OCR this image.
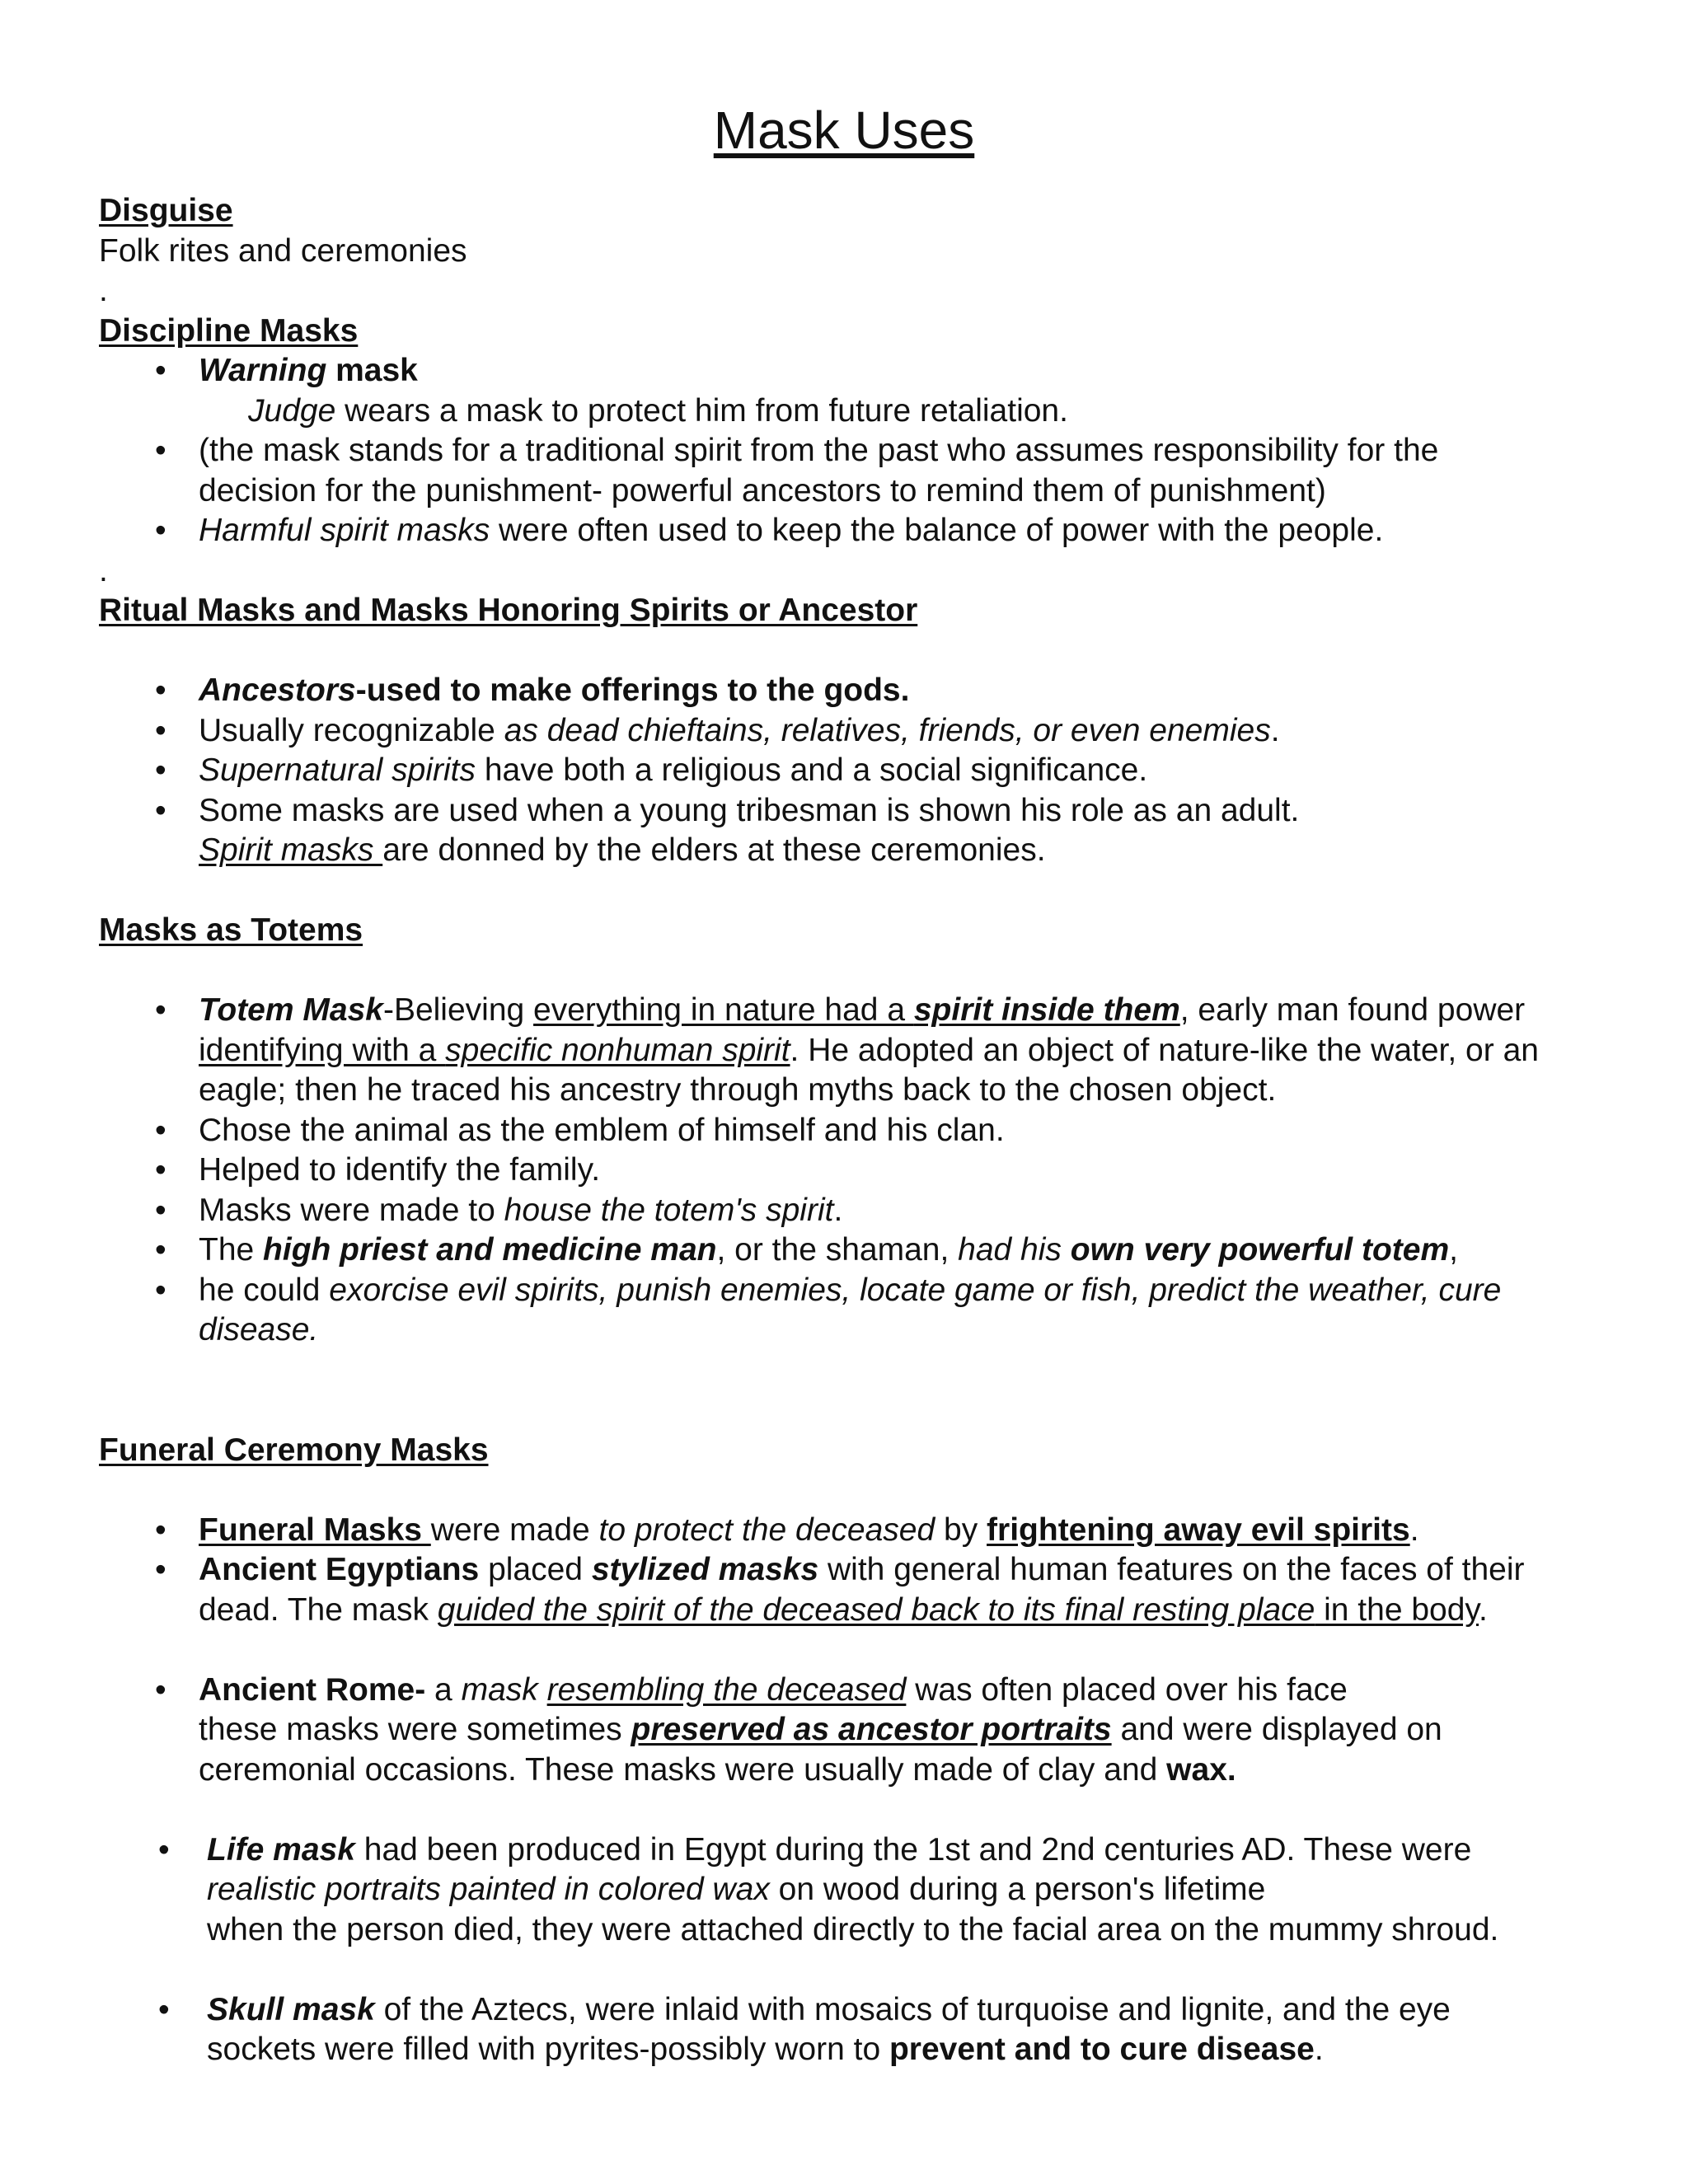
Mask Uses
Disguise
Folk rites and ceremonies
.
Discipline Masks
• Warning mask
Judge wears a mask to protect him from future retaliation.
• (the mask stands for a traditional spirit from the past who assumes responsibility for the
decision for the punishment- powerful ancestors to remind them of punishment)
• Harmful spirit masks were often used to keep the balance of power with the people.
.
Ritual Masks and Masks Honoring Spirits or Ancestor
• Ancestors-used to make offerings to the gods.
• Usually recognizable as dead chieftains, relatives, friends, or even enemies.
• Supernatural spirits have both a religious and a social significance.
• Some masks are used when a young tribesman is shown his role as an adult.
Spirit masks are donned by the elders at these ceremonies.
Masks as Totems
• Totem Mask-Believing everything in nature had a spirit inside them, early man found power
identifying with a specific nonhuman spirit. He adopted an object of nature-like the water, or an
eagle; then he traced his ancestry through myths back to the chosen object.
• Chose the animal as the emblem of himself and his clan.
• Helped to identify the family.
• Masks were made to house the totem's spirit.
• The high priest and medicine man, or the shaman, had his own very powerful totem,
• he could exorcise evil spirits, punish enemies, locate game or fish, predict the weather, cure
disease.
Funeral Ceremony Masks
• Funeral Masks were made to protect the deceased by frightening away evil spirits.
• Ancient Egyptians placed stylized masks with general human features on the faces of their
dead. The mask guided the spirit of the deceased back to its final resting place in the body.
• Ancient Rome- a mask resembling the deceased was often placed over his face
these masks were sometimes preserved as ancestor portraits and were displayed on
ceremonial occasions. These masks were usually made of clay and wax.
• Life mask had been produced in Egypt during the 1st and 2nd centuries AD. These were
realistic portraits painted in colored wax on wood during a person's lifetime
when the person died, they were attached directly to the facial area on the mummy shroud.
• Skull mask of the Aztecs, were inlaid with mosaics of turquoise and lignite, and the eye
sockets were filled with pyrites-possibly worn to prevent and to cure disease.
